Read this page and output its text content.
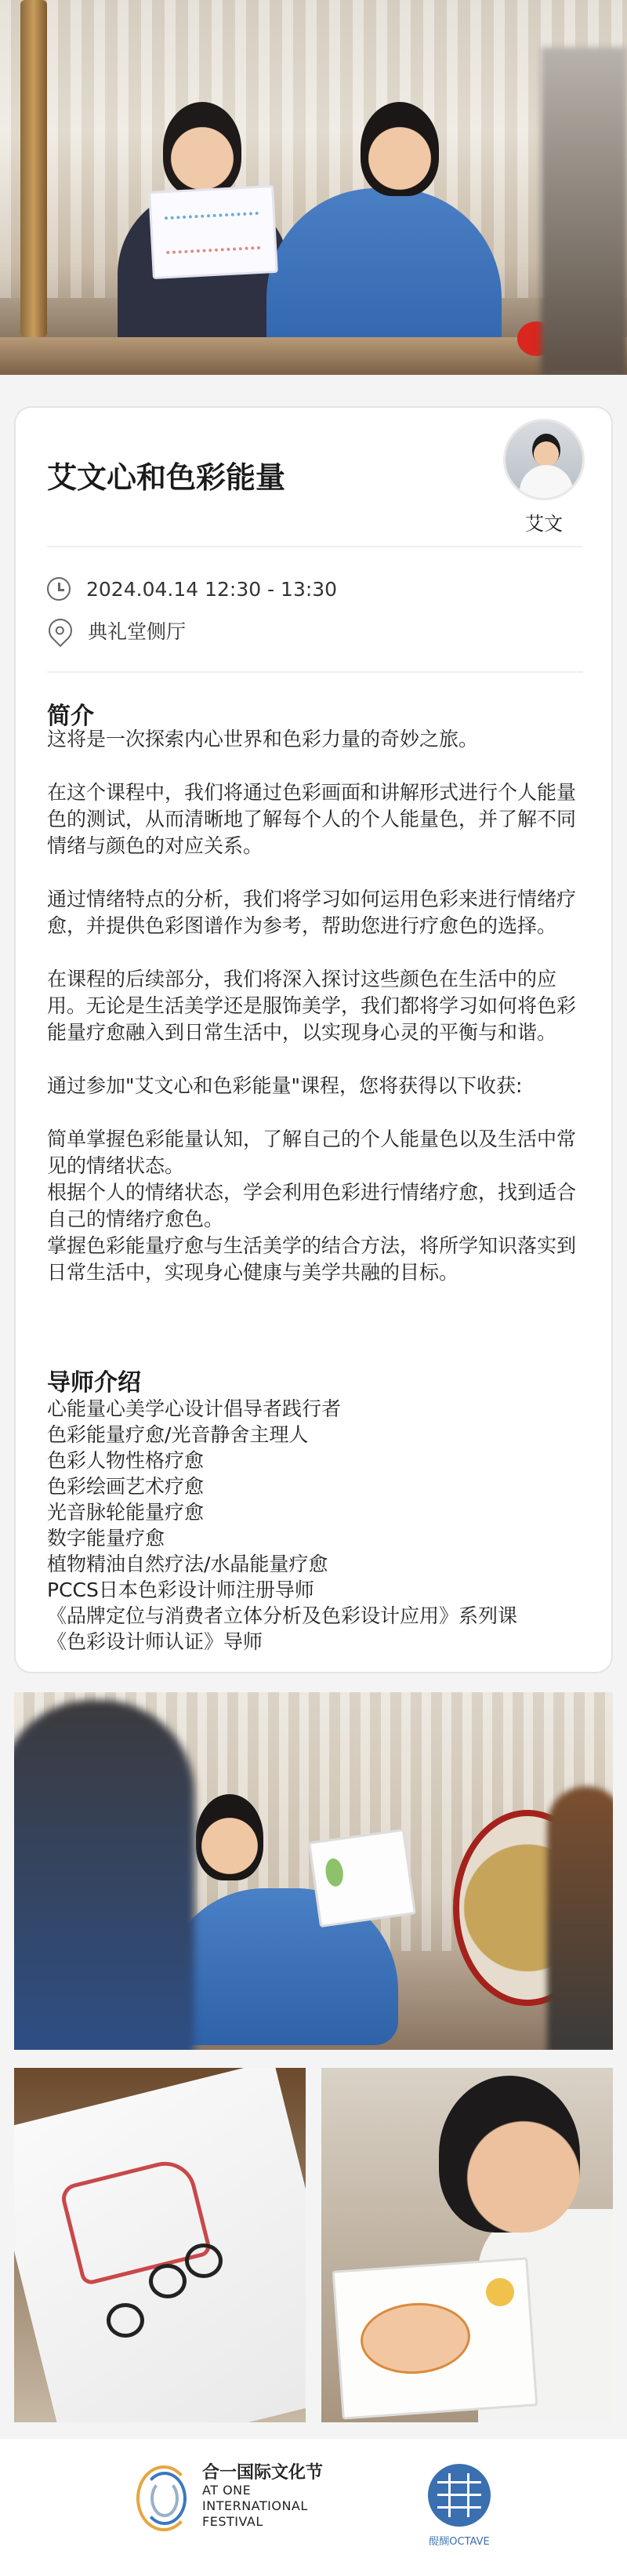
艾文心和色彩能量
艾文
2024.04.14 12:30 - 13:30
典礼堂侧厅
简介

这将是一次探索内心世界和色彩力量的奇妙之旅。

在这个课程中，我们将通过色彩画面和讲解形式进行个人能量色的测试，从而清晰地了解每个人的个人能量色，并了解不同情绪与颜色的对应关系。

通过情绪特点的分析，我们将学习如何运用色彩来进行情绪疗愈，并提供色彩图谱作为参考，帮助您进行疗愈色的选择。

在课程的后续部分，我们将深入探讨这些颜色在生活中的应用。无论是生活美学还是服饰美学，我们都将学习如何将色彩能量疗愈融入到日常生活中，以实现身心灵的平衡与和谐。

通过参加"艾文心和色彩能量"课程，您将获得以下收获:

简单掌握色彩能量认知，了解自己的个人能量色以及生活中常见的情绪状态。

根据个人的情绪状态，学会利用色彩进行情绪疗愈，找到适合自己的情绪疗愈色。

掌握色彩能量疗愈与生活美学的结合方法，将所学知识落实到日常生活中，实现身心健康与美学共融的目标。

导师介绍
心能量心美学心设计倡导者践行者
色彩能量疗愈/光音静舍主理人
色彩人物性格疗愈
色彩绘画艺术疗愈
光音脉轮能量疗愈
数字能量疗愈
植物精油自然疗法/水晶能量疗愈
PCCS日本色彩设计师注册导师
《品牌定位与消费者立体分析及色彩设计应用》系列课
《色彩设计师认证》导师
合一国际文化节
AT ONE
INTERNATIONAL
FESTIVAL
醍醐OCTAVE
